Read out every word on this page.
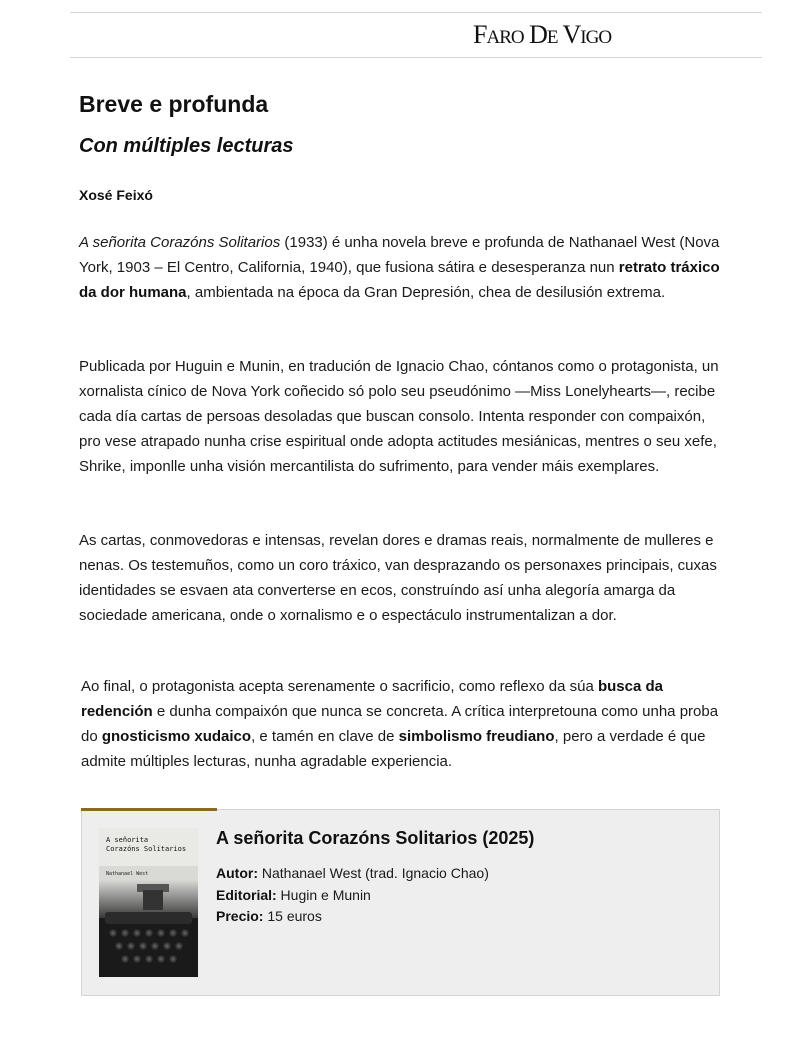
FARO DE VIGO
Breve e profunda
Con múltiples lecturas
Xosé Feixó

A señorita Corazóns Solitarios (1933) é unha novela breve e profunda de Nathanael West (Nova York, 1903 – El Centro, California, 1940), que fusiona sátira e desesperanza nun retrato tráxico da dor humana, ambientada na época da Gran Depresión, chea de desilusión extrema.

Publicada por Huguin e Munin, en tradución de Ignacio Chao, cóntanos como o protagonista, un xornalista cínico de Nova York coñecido só polo seu pseudónimo —Miss Lonelyhearts—, recibe cada día cartas de persoas desoladas que buscan consolo. Intenta responder con compaixón, pro vese atrapado nunha crise espiritual onde adopta actitudes mesiánicas, mentres o seu xefe, Shrike, imponlle unha visión mercantilista do sufrimento, para vender máis exemplares.

As cartas, conmovedoras e intensas, revelan dores e dramas reais, normalmente de mulleres e nenas. Os testemuños, como un coro tráxico, van desprazando os personaxes principais, cuxas identidades se esvaen ata converterse en ecos, construíndo así unha alegoría amarga da sociedade americana, onde o xornalismo e o espectáculo instrumentalizan a dor.

Ao final, o protagonista acepta serenamente o sacrificio, como reflexo da súa busca da redención e dunha compaixón que nunca se concreta. A crítica interpretouna como unha proba do gnosticismo xudaico, e tamén en clave de simbolismo freudiano, pero a verdade é que admite múltiples lecturas, nunha agradable experiencia.

A señorita
Corazóns Solitarios
Nathanael West
A señorita Corazóns Solitarios (2025)
Autor: Nathanael West (trad. Ignacio Chao)
Editorial: Hugin e Munin
Precio: 15 euros
